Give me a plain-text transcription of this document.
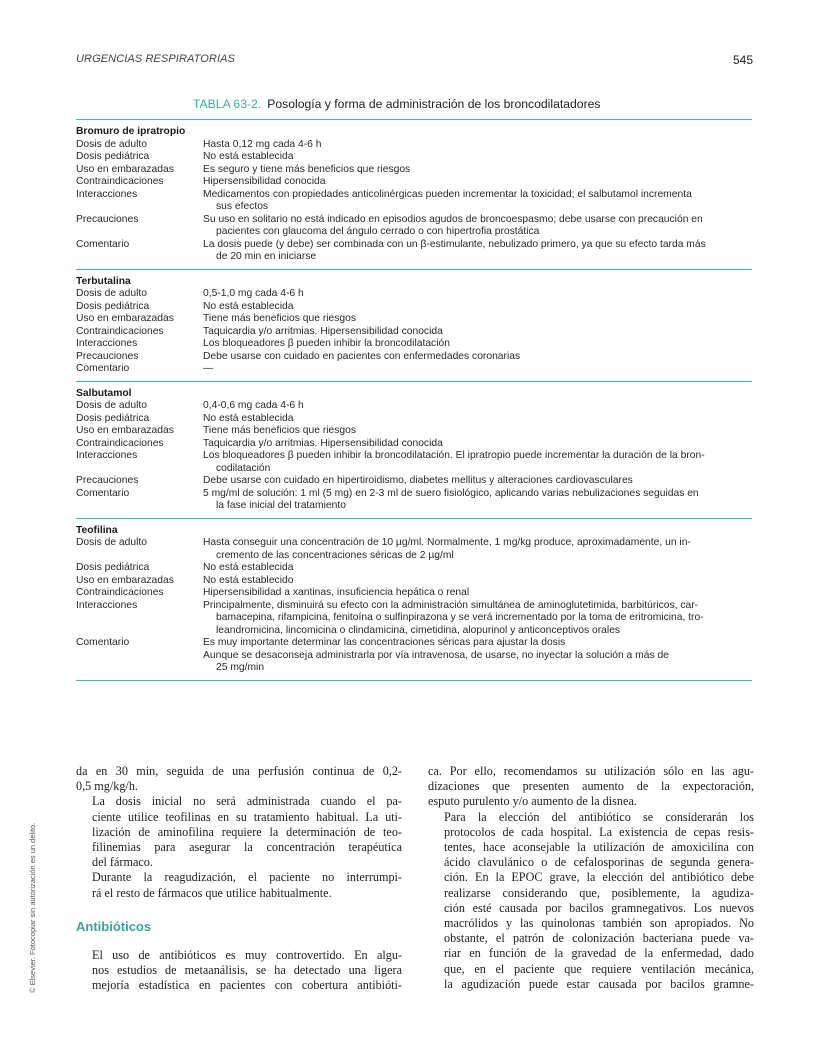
URGENCIAS RESPIRATORIAS	545
TABLA 63-2. Posología y forma de administración de los broncodilatadores
Bromuro de ipratropio
Dosis de adulto	Hasta 0,12 mg cada 4-6 h
Dosis pediátrica	No está establecida
Uso en embarazadas	Es seguro y tiene más beneficios que riesgos
Contraindicaciones	Hipersensibilidad conocida
Interacciones	Medicamentos con propiedades anticolinérgicas pueden incrementar la toxicidad; el salbutamol incrementa
sus efectos
Precauciones	Su uso en solitario no está indicado en episodios agudos de broncoespasmo; debe usarse con precaución en
pacientes con glaucoma del ángulo cerrado o con hipertrofia prostática
Comentario	La dosis puede (y debe) ser combinada con un β-estimulante, nebulizado primero, ya que su efecto tarda más
de 20 min en iniciarse
Terbutalina
Dosis de adulto	0,5-1,0 mg cada 4-6 h
Dosis pediátrica	No está establecida
Uso en embarazadas	Tiene más beneficios que riesgos
Contraindicaciones	Taquicardia y/o arritmias. Hipersensibilidad conocida
Interacciones	Los bloqueadores β pueden inhibir la broncodilatación
Precauciones	Debe usarse con cuidado en pacientes con enfermedades coronarias
Comentario	—
Salbutamol
Dosis de adulto	0,4-0,6 mg cada 4-6 h
Dosis pediátrica	No está establecida
Uso en embarazadas	Tiene más beneficios que riesgos
Contraindicaciones	Taquicardia y/o arritmias. Hipersensibilidad conocida
Interacciones	Los bloqueadores β pueden inhibir la broncodilatación. El ipratropio puede incrementar la duración de la bron-
codilatación
Precauciones	Debe usarse con cuidado en hipertiroidismo, diabetes mellitus y alteraciones cardiovasculares
Comentario	5 mg/ml de solución: 1 ml (5 mg) en 2-3 ml de suero fisiológico, aplicando varias nebulizaciones seguidas en
la fase inicial del tratamiento
Teofilina
Dosis de adulto	Hasta conseguir una concentración de 10 µg/ml. Normalmente, 1 mg/kg produce, aproximadamente, un in-
cremento de las concentraciones séricas de 2 µg/ml
Dosis pediátrica	No está establecida
Uso en embarazadas	No está establecido
Contraindicaciones	Hipersensibilidad a xantinas, insuficiencia hepática o renal
Interacciones	Principalmente, disminuirá su efecto con la administración simultánea de aminoglutetimida, barbitúricos, car-
bamacepina, rifampicina, fenitoína o sulfinpirazona y se verá incrementado por la toma de eritromicina, tro-
leandromicina, lincomicina o clindamicina, cimetidina, alopurinol y anticonceptivos orales
Comentario	Es muy importante determinar las concentraciones séricas para ajustar la dosis
Aunque se desaconseja administrarla por vía intravenosa, de usarse, no inyectar la solución a más de
25 mg/min

da en 30 min, seguida de una perfusión continua de 0,2-
0,5 mg/kg/h.

La dosis inicial no será administrada cuando el pa-
ciente utilice teofilinas en su tratamiento habitual. La uti-
lización de aminofilina requiere la determinación de teo-
filinemias para asegurar la concentración terapéutica
del fármaco.

Durante la reagudización, el paciente no interrumpi-
rá el resto de fármacos que utilice habitualmente.

Antibióticos

El uso de antibióticos es muy controvertido. En algu-
nos estudios de metaanálisis, se ha detectado una ligera
mejoría estadística en pacientes con cobertura antibióti-

ca. Por ello, recomendamos su utilización sólo en las agu-
dizaciones que presenten aumento de la expectoración,
esputo purulento y/o aumento de la disnea.

Para la elección del antibiótico se considerarán los
protocolos de cada hospital. La existencia de cepas resis-
tentes, hace aconsejable la utilización de amoxicilina con
ácido clavulánico o de cefalosporinas de segunda genera-
ción. En la EPOC grave, la elección del antibiótico debe
realizarse considerando que, posiblemente, la agudiza-
ción esté causada por bacilos gramnegativos. Los nuevos
macrólidos y las quinolonas también son apropiados. No
obstante, el patrón de colonización bacteriana puede va-
riar en función de la gravedad de la enfermedad, dado
que, en el paciente que requiere ventilación mecánica,
la agudización puede estar causada por bacilos gramne-

© Elsevier. Fotocopiar sin autorización es un delito.
